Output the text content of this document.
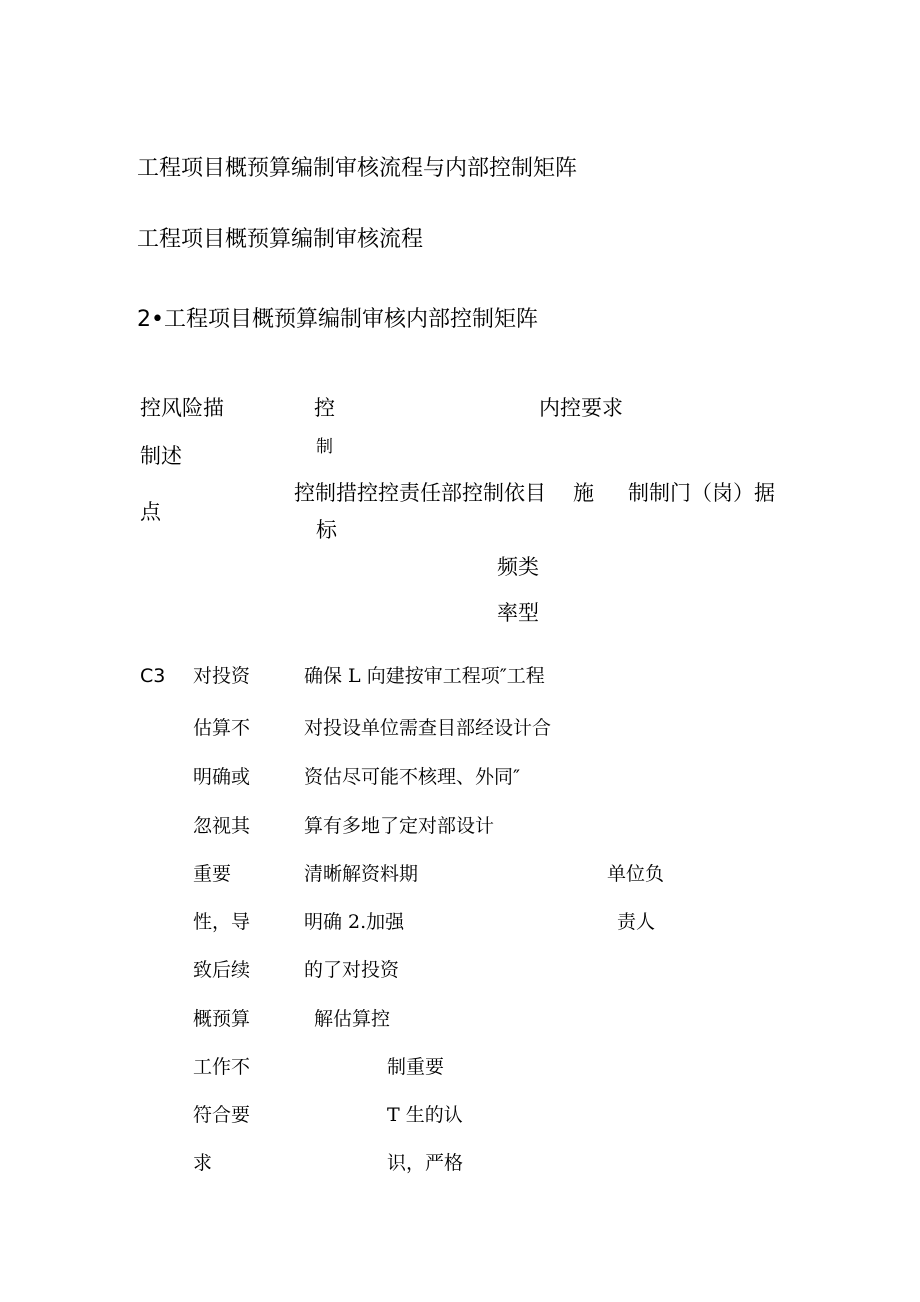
工程项目概预算编制审核流程与内部控制矩阵
工程项目概预算编制审核流程
2•工程项目概预算编制审核内部控制矩阵
控风险描
制述
点
控
制
控制措控控责任部控制依目
标
内控要求
施 制制门（岗）据
频类
率型
C3 对投资
估算不
明确或
忽视其
重要
性，导
致后续
概预算
工作不
符合要
求
确保 L 向建按审工程项″工程
对投设单位需查目部经设计合
资估尽可能不核理、外同″
算有多地了定对部设计
清晰解资料期
明确 2.加强
的了对投资
解估算控
制重要
T 生的认
识，严格
单位负
责人
